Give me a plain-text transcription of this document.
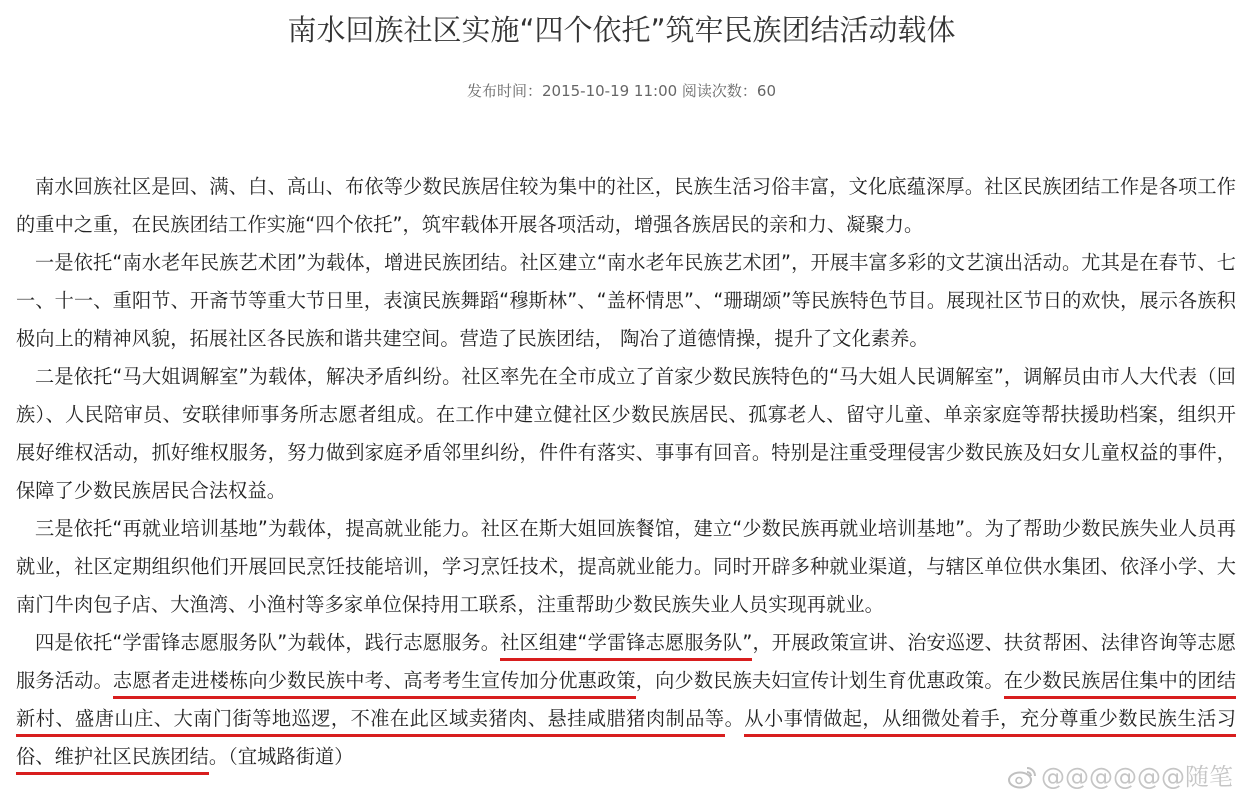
南水回族社区实施“四个依托”筑牢民族团结活动载体
发布时间：2015-10-19 11:00 阅读次数：60

南水回族社区是回、满、白、高山、布依等少数民族居住较为集中的社区，民族生活习俗丰富，文化底蕴深厚。社区民族团结工作是各项工作的重中之重，在民族团结工作实施“四个依托”，筑牢载体开展各项活动，增强各族居民的亲和力、凝聚力。

一是依托“南水老年民族艺术团”为载体，增进民族团结。社区建立“南水老年民族艺术团”，开展丰富多彩的文艺演出活动。尤其是在春节、七一、十一、重阳节、开斋节等重大节日里，表演民族舞蹈“穆斯林”、“盖杯情思”、“珊瑚颂”等民族特色节目。展现社区节日的欢快，展示各族积极向上的精神风貌，拓展社区各民族和谐共建空间。营造了民族团结， 陶冶了道德情操，提升了文化素养。

二是依托“马大姐调解室”为载体，解决矛盾纠纷。社区率先在全市成立了首家少数民族特色的“马大姐人民调解室”，调解员由市人大代表（回族）、人民陪审员、安联律师事务所志愿者组成。在工作中建立健社区少数民族居民、孤寡老人、留守儿童、单亲家庭等帮扶援助档案，组织开展好维权活动，抓好维权服务，努力做到家庭矛盾邻里纠纷，件件有落实、事事有回音。特别是注重受理侵害少数民族及妇女儿童权益的事件，保障了少数民族居民合法权益。

三是依托“再就业培训基地”为载体，提高就业能力。社区在斯大姐回族餐馆，建立“少数民族再就业培训基地”。为了帮助少数民族失业人员再就业，社区定期组织他们开展回民烹饪技能培训，学习烹饪技术，提高就业能力。同时开辟多种就业渠道，与辖区单位供水集团、依泽小学、大南门牛肉包子店、大渔湾、小渔村等多家单位保持用工联系，注重帮助少数民族失业人员实现再就业。

四是依托“学雷锋志愿服务队”为载体，践行志愿服务。社区组建“学雷锋志愿服务队”，开展政策宣讲、治安巡逻、扶贫帮困、法律咨询等志愿服务活动。志愿者走进楼栋向少数民族中考、高考考生宣传加分优惠政策，向少数民族夫妇宣传计划生育优惠政策。在少数民族居住集中的团结新村、盛唐山庄、大南门街等地巡逻，不准在此区域卖猪肉、悬挂咸腊猪肉制品等。从小事情做起，从细微处着手，充分尊重少数民族生活习俗、维护社区民族团结。（宜城路街道）

@@@@@@随笔
